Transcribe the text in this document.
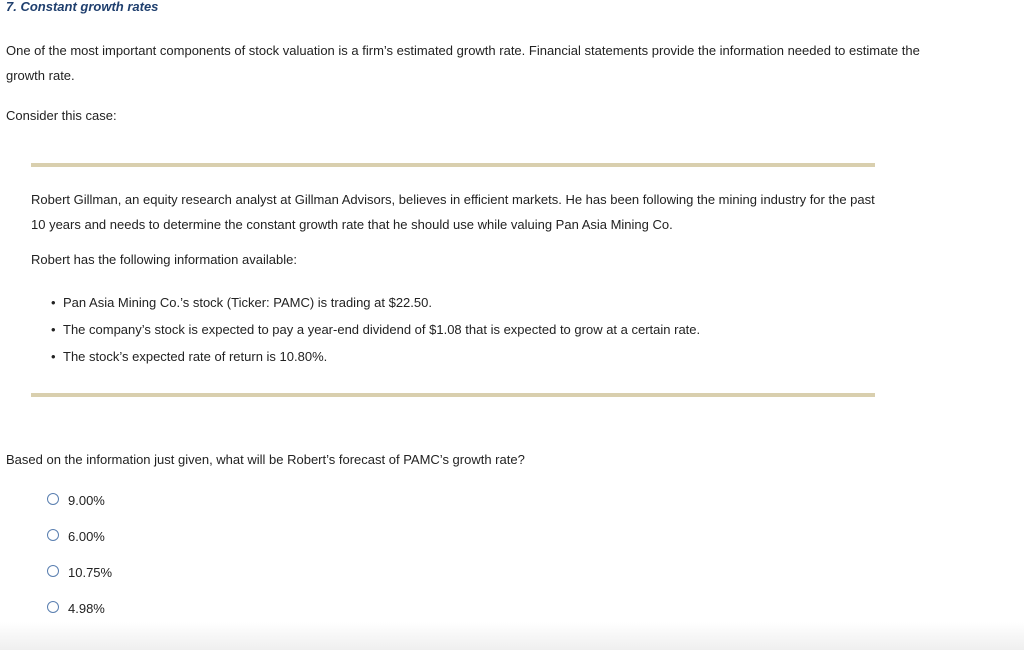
7. Constant growth rates

One of the most important components of stock valuation is a firm’s estimated growth rate. Financial statements provide the information needed to estimate the growth rate.

Consider this case:

Robert Gillman, an equity research analyst at Gillman Advisors, believes in efficient markets. He has been following the mining industry for the past 10 years and needs to determine the constant growth rate that he should use while valuing Pan Asia Mining Co.

Robert has the following information available:

• Pan Asia Mining Co.’s stock (Ticker: PAMC) is trading at $22.50.
• The company’s stock is expected to pay a year-end dividend of $1.08 that is expected to grow at a certain rate.
• The stock’s expected rate of return is 10.80%.

Based on the information just given, what will be Robert’s forecast of PAMC’s growth rate?

9.00%
6.00%
10.75%
4.98%
